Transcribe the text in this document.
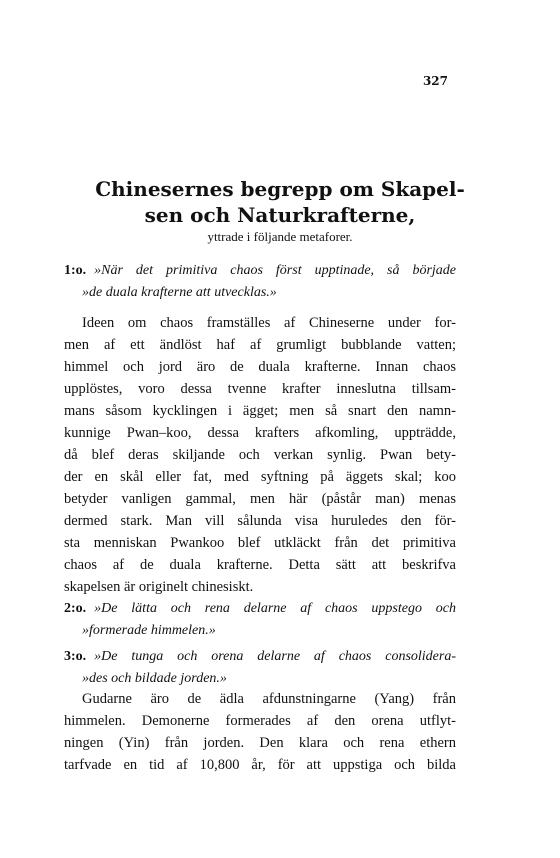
327
Chinesernes begrepp om Skapel-
sen och Naturkrafterne,
yttrade i följande metaforer.
1:o. »När det primitiva chaos först upptinade, så började
»de duala krafterne att utvecklas.»
Ideen om chaos framställes af Chineserne under for-
men af ett ändlöst haf af grumligt bubblande vatten;
himmel och jord äro de duala krafterne. Innan chaos
upplöstes, voro dessa tvenne krafter inneslutna tillsam-
mans såsom kycklingen i ägget; men så snart den namn-
kunnige Pwan–koo, dessa krafters afkomling, uppträdde,
då blef deras skiljande och verkan synlig. Pwan bety-
der en skål eller fat, med syftning på äggets skal; koo
betyder vanligen gammal, men här (påstår man) menas
dermed stark. Man vill sålunda visa huruledes den för-
sta menniskan Pwankoo blef utkläckt från det primitiva
chaos af de duala krafterne. Detta sätt att beskrifva
skapelsen är originelt chinesiskt.
2:o. »De lätta och rena delarne af chaos uppstego och
»formerade himmelen.»
3:o. »De tunga och orena delarne af chaos consolidera-
»des och bildade jorden.»
Gudarne äro de ädla afdunstningarne (Yang) från
himmelen. Demonerne formerades af den orena utflyt-
ningen (Yin) från jorden. Den klara och rena ethern
tarfvade en tid af 10,800 år, för att uppstiga och bilda
